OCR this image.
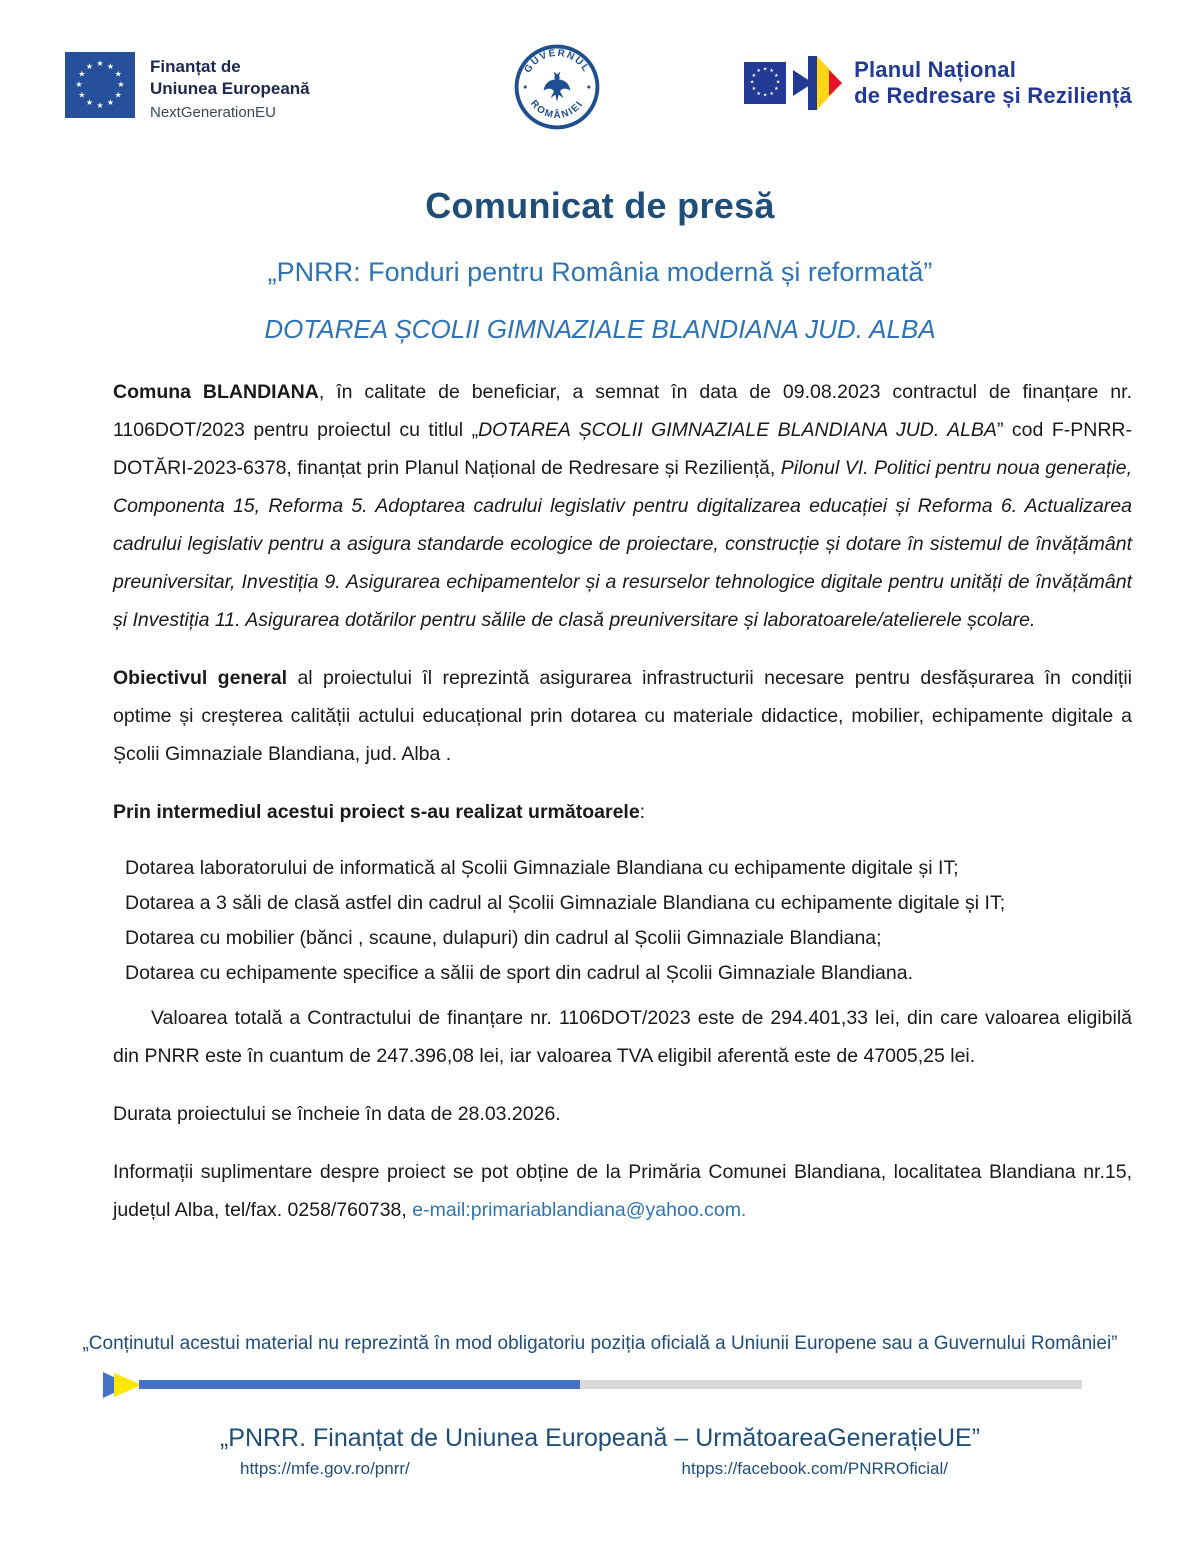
★ ★
★
★
★
★
★
★
★
★
★
★	Finanțat de
Uniunea Europeană
NextGenerationEU
GUVERNUL
ROMÂNIEI
★ ★
★
★
★
★
★
★
★
★
★
★	Planul Național
de Redresare și Reziliență
Comunicat de presă
„PNRR: Fonduri pentru România modernă și reformată”
DOTAREA ȘCOLII GIMNAZIALE BLANDIANA JUD. ALBA

Comuna BLANDIANA, în calitate de beneficiar, a semnat în data de 09.08.2023 contractul de finanțare nr. 1106DOT/2023 pentru proiectul cu titlul „DOTAREA ȘCOLII GIMNAZIALE BLANDIANA JUD. ALBA” cod F-PNRR-DOTĂRI-2023-6378, finanțat prin Planul Național de Redresare și Reziliență, Pilonul VI. Politici pentru noua generație, Componenta 15, Reforma 5. Adoptarea cadrului legislativ pentru digitalizarea educației și Reforma 6. Actualizarea cadrului legislativ pentru a asigura standarde ecologice de proiectare, construcție și dotare în sistemul de învățământ preuniversitar, Investiția 9. Asigurarea echipamentelor și a resurselor tehnologice digitale pentru unități de învățământ și Investiția 11. Asigurarea dotărilor pentru sălile de clasă preuniversitare și laboratoarele/atelierele școlare.

Obiectivul general al proiectului îl reprezintă asigurarea infrastructurii necesare pentru desfășurarea în condiții optime și creșterea calității actului educațional prin dotarea cu materiale didactice, mobilier, echipamente digitale a Școlii Gimnaziale Blandiana, jud. Alba .

Prin intermediul acestui proiect s-au realizat următoarele:

Dotarea laboratorului de informatică al Școlii Gimnaziale Blandiana cu echipamente digitale și IT;
Dotarea a 3 săli de clasă astfel din cadrul al Școlii Gimnaziale Blandiana cu echipamente digitale și IT;
Dotarea cu mobilier (bănci , scaune, dulapuri) din cadrul al Școlii Gimnaziale Blandiana;
Dotarea cu echipamente specifice a sălii de sport din cadrul al Școlii Gimnaziale Blandiana.

Valoarea totală a Contractului de finanțare nr. 1106DOT/2023 este de 294.401,33 lei, din care valoarea eligibilă din PNRR este în cuantum de 247.396,08 lei, iar valoarea TVA eligibil aferentă este de 47005,25 lei.

Durata proiectului se încheie în data de 28.03.2026.

Informații suplimentare despre proiect se pot obține de la Primăria Comunei Blandiana, localitatea Blandiana nr.15, județul Alba, tel/fax. 0258/760738, e-mail:primariablandiana@yahoo.com.

„Conținutul acestui material nu reprezintă în mod obligatoriu poziția oficială a Uniunii Europene sau a Guvernului României”
„PNRR. Finanțat de Uniunea Europeană – UrmătoareaGenerațieUE”
https://mfe.gov.ro/pnrr/	htpps://facebook.com/PNRROficial/
